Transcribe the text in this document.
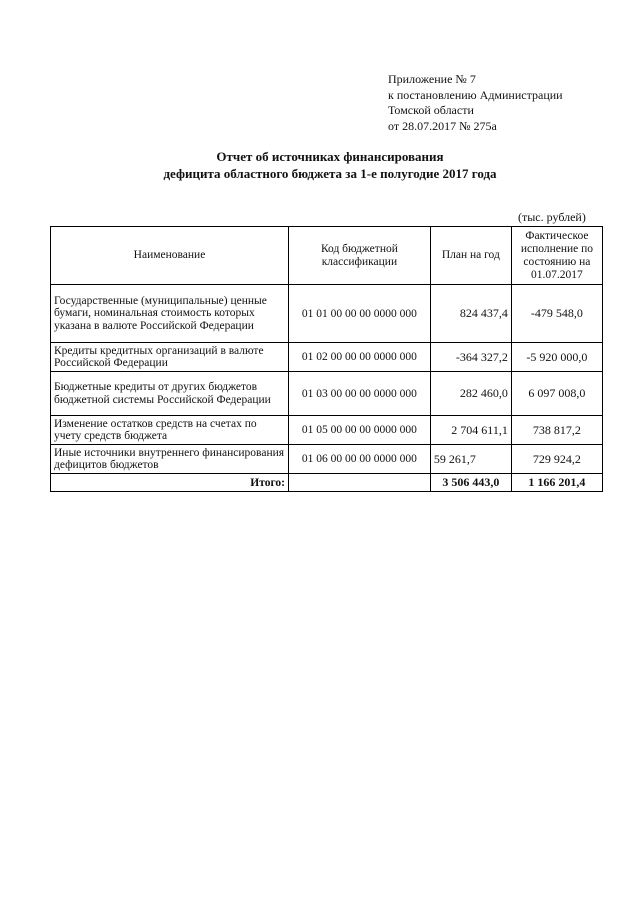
Приложение № 7
к постановлению Администрации
Томской области
от 28.07.2017 № 275а
Отчет об источниках финансирования
дефицита областного бюджета за 1-е полугодие 2017 года
(тыс. рублей)
Наименование	Код бюджетной классификации	План на год	Фактическое исполнение по состоянию на 01.07.2017
Государственные (муниципальные) ценные бумаги, номинальная стоимость которых указана в валюте Российской Федерации	01 01 00 00 00 0000 000	824 437,4	-479 548,0
Кредиты кредитных организаций в валюте Российской Федерации	01 02 00 00 00 0000 000	-364 327,2	-5 920 000,0
Бюджетные кредиты от других бюджетов бюджетной системы Российской Федерации	01 03 00 00 00 0000 000	282 460,0	6 097 008,0
Изменение остатков средств на счетах по учету средств бюджета	01 05 00 00 00 0000 000	2 704 611,1	738 817,2
Иные источники внутреннего финансирования дефицитов бюджетов	01 06 00 00 00 0000 000	59 261,7	729 924,2
Итого:		3 506 443,0	1 166 201,4
